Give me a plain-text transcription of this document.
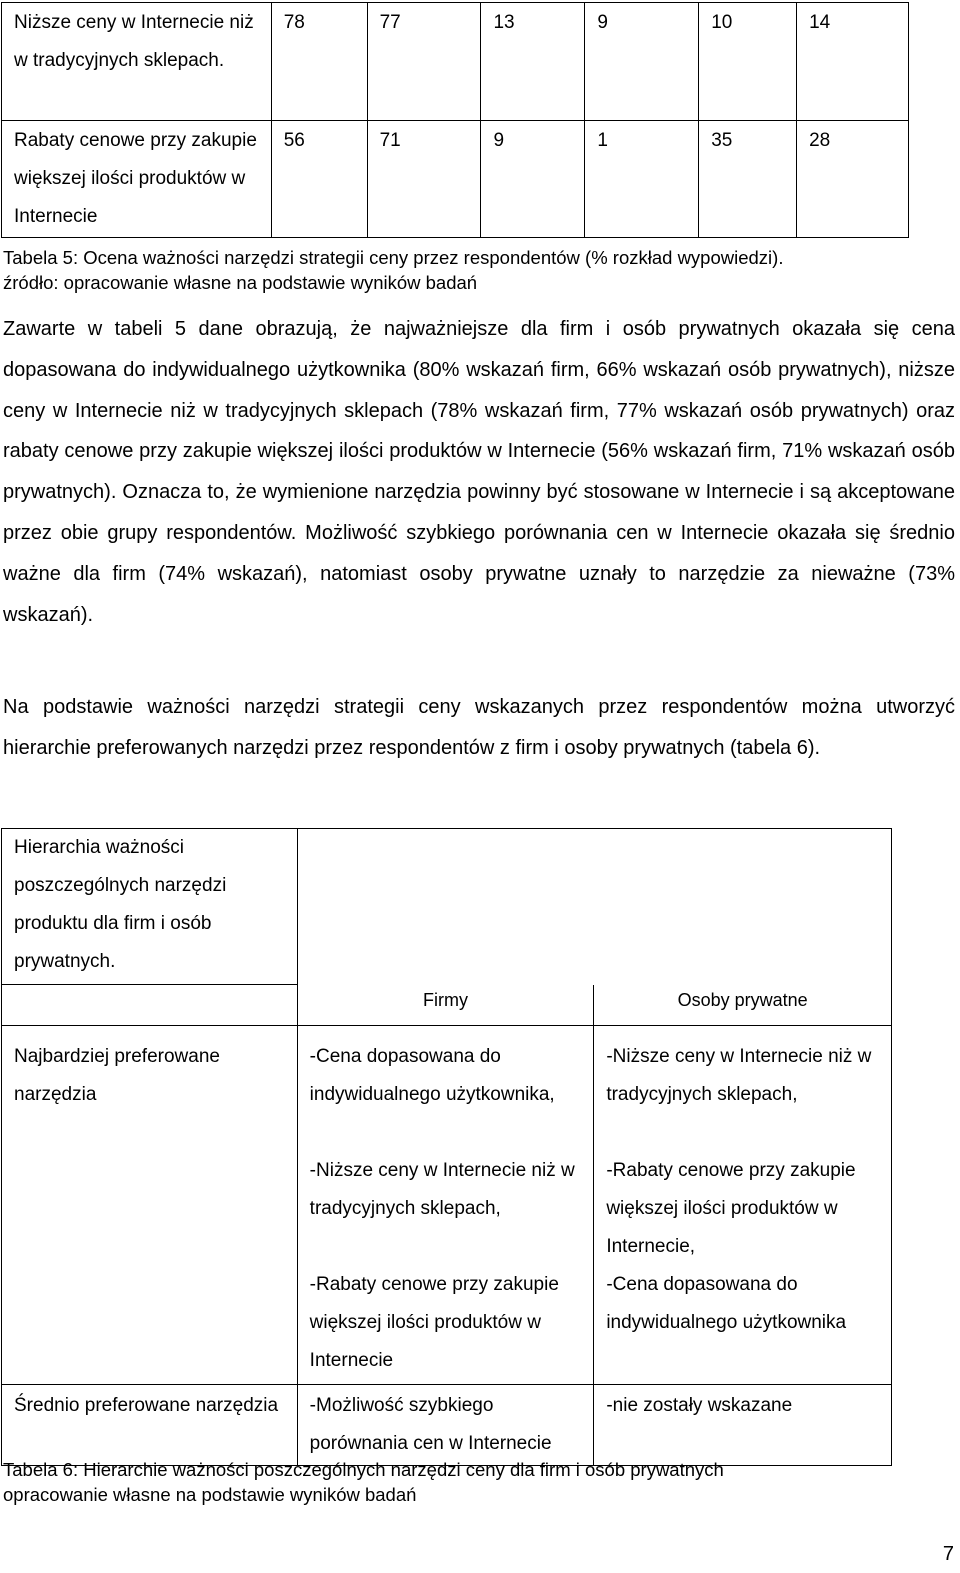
Niższe ceny w Internecie niż w tradycyjnych sklepach.	78	77	13	9	10	14
Rabaty cenowe przy zakupie większej ilości produktów w Internecie	56	71	9	1	35	28
Tabela 5: Ocena ważności narzędzi strategii ceny przez respondentów (% rozkład wypowiedzi).
źródło: opracowanie własne na podstawie wyników badań

Zawarte w tabeli 5 dane obrazują, że najważniejsze dla firm i osób prywatnych okazała się cena dopasowana do indywidualnego użytkownika (80% wskazań firm, 66% wskazań osób prywatnych), niższe ceny w Internecie niż w tradycyjnych sklepach (78% wskazań firm, 77% wskazań osób prywatnych) oraz rabaty cenowe przy zakupie większej ilości produktów w Internecie (56% wskazań firm, 71% wskazań osób prywatnych). Oznacza to, że wymienione narzędzia powinny być stosowane w Internecie i są akceptowane przez obie grupy respondentów. Możliwość szybkiego porównania cen w Internecie okazała się średnio ważne dla firm (74% wskazań), natomiast osoby prywatne uznały to narzędzie za nieważne (73% wskazań).

Na podstawie ważności narzędzi strategii ceny wskazanych przez respondentów można utworzyć hierarchie preferowanych narzędzi przez respondentów z firm i osoby prywatnych (tabela 6).

Hierarchia ważności poszczególnych narzędzi produktu dla firm i osób prywatnych.		
	Firmy	Osoby prywatne

Najbardziej preferowane narzędzia	-Cena dopasowana do indywidualnego użytkownika,
-Niższe ceny w Internecie niż w tradycyjnych sklepach,
-Rabaty cenowe przy zakupie większej ilości produktów w Internecie	-Niższe ceny w Internecie niż w tradycyjnych sklepach,
-Rabaty cenowe przy zakupie większej ilości produktów w Internecie,
-Cena dopasowana do indywidualnego użytkownika

Średnio preferowane narzędzia	-Możliwość szybkiego porównania cen w Internecie	-nie zostały wskazane
Tabela 6: Hierarchie ważności poszczególnych narzędzi ceny dla firm i osób prywatnych
opracowanie własne na podstawie wyników badań
7
